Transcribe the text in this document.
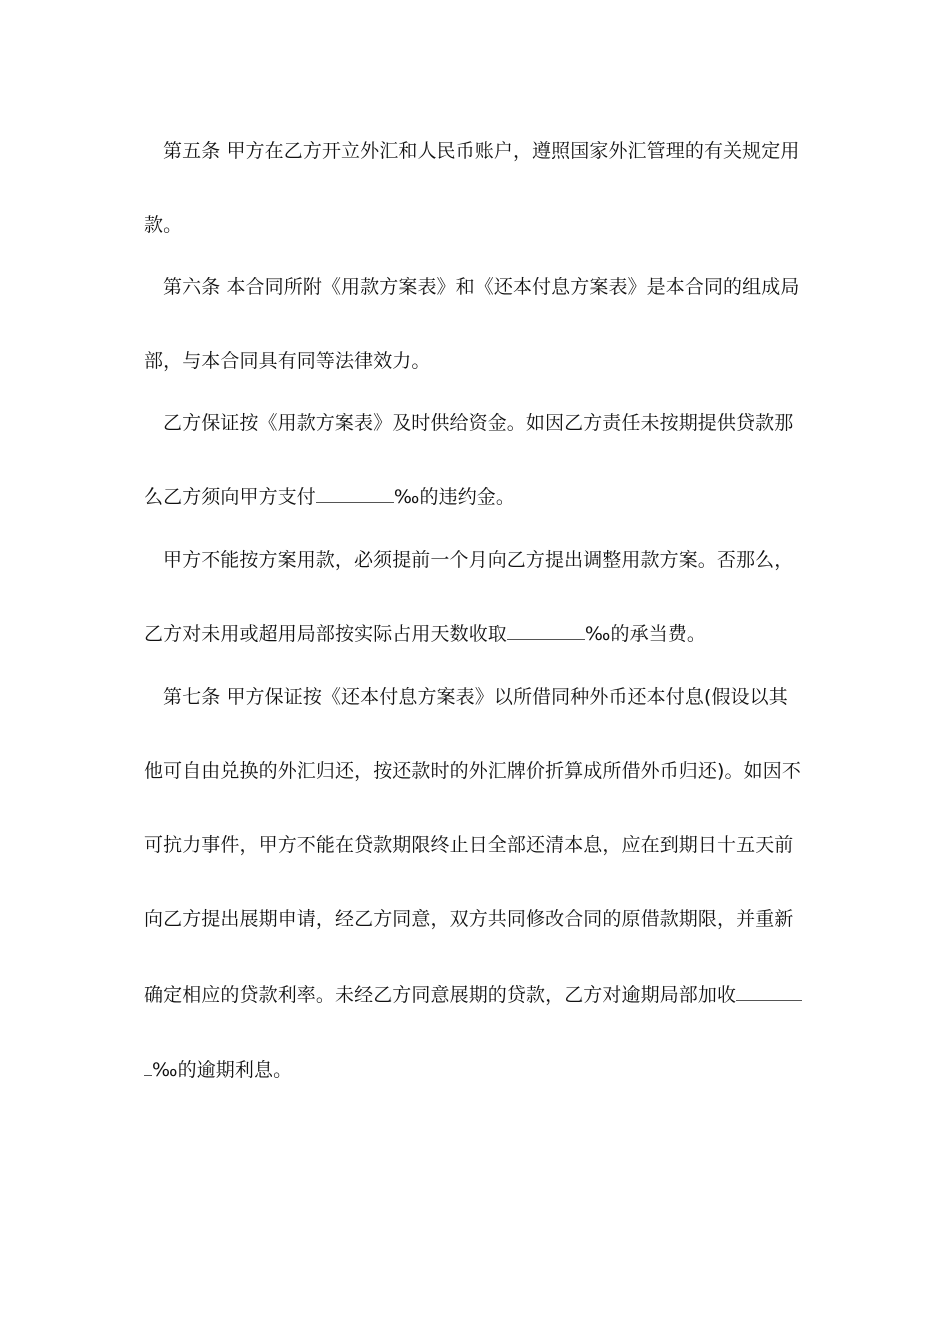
第五条 甲方在乙方开立外汇和人民币账户，遵照国家外汇管理的有关规定用
款。
第六条 本合同所附《用款方案表》和《还本付息方案表》是本合同的组成局
部，与本合同具有同等法律效力。
乙方保证按《用款方案表》及时供给资金。如因乙方责任未按期提供贷款那
么乙方须向甲方支付	‰的违约金。
甲方不能按方案用款，必须提前一个月向乙方提出调整用款方案。否那么，
乙方对未用或超用局部按实际占用天数收取	‰的承当费。
第七条 甲方保证按《还本付息方案表》以所借同种外币还本付息(假设以其
他可自由兑换的外汇归还，按还款时的外汇牌价折算成所借外币归还)。如因不
可抗力事件，甲方不能在贷款期限终止日全部还清本息，应在到期日十五天前
向乙方提出展期申请，经乙方同意，双方共同修改合同的原借款期限，并重新
确定相应的贷款利率。未经乙方同意展期的贷款，乙方对逾期局部加收
‰的逾期利息。
